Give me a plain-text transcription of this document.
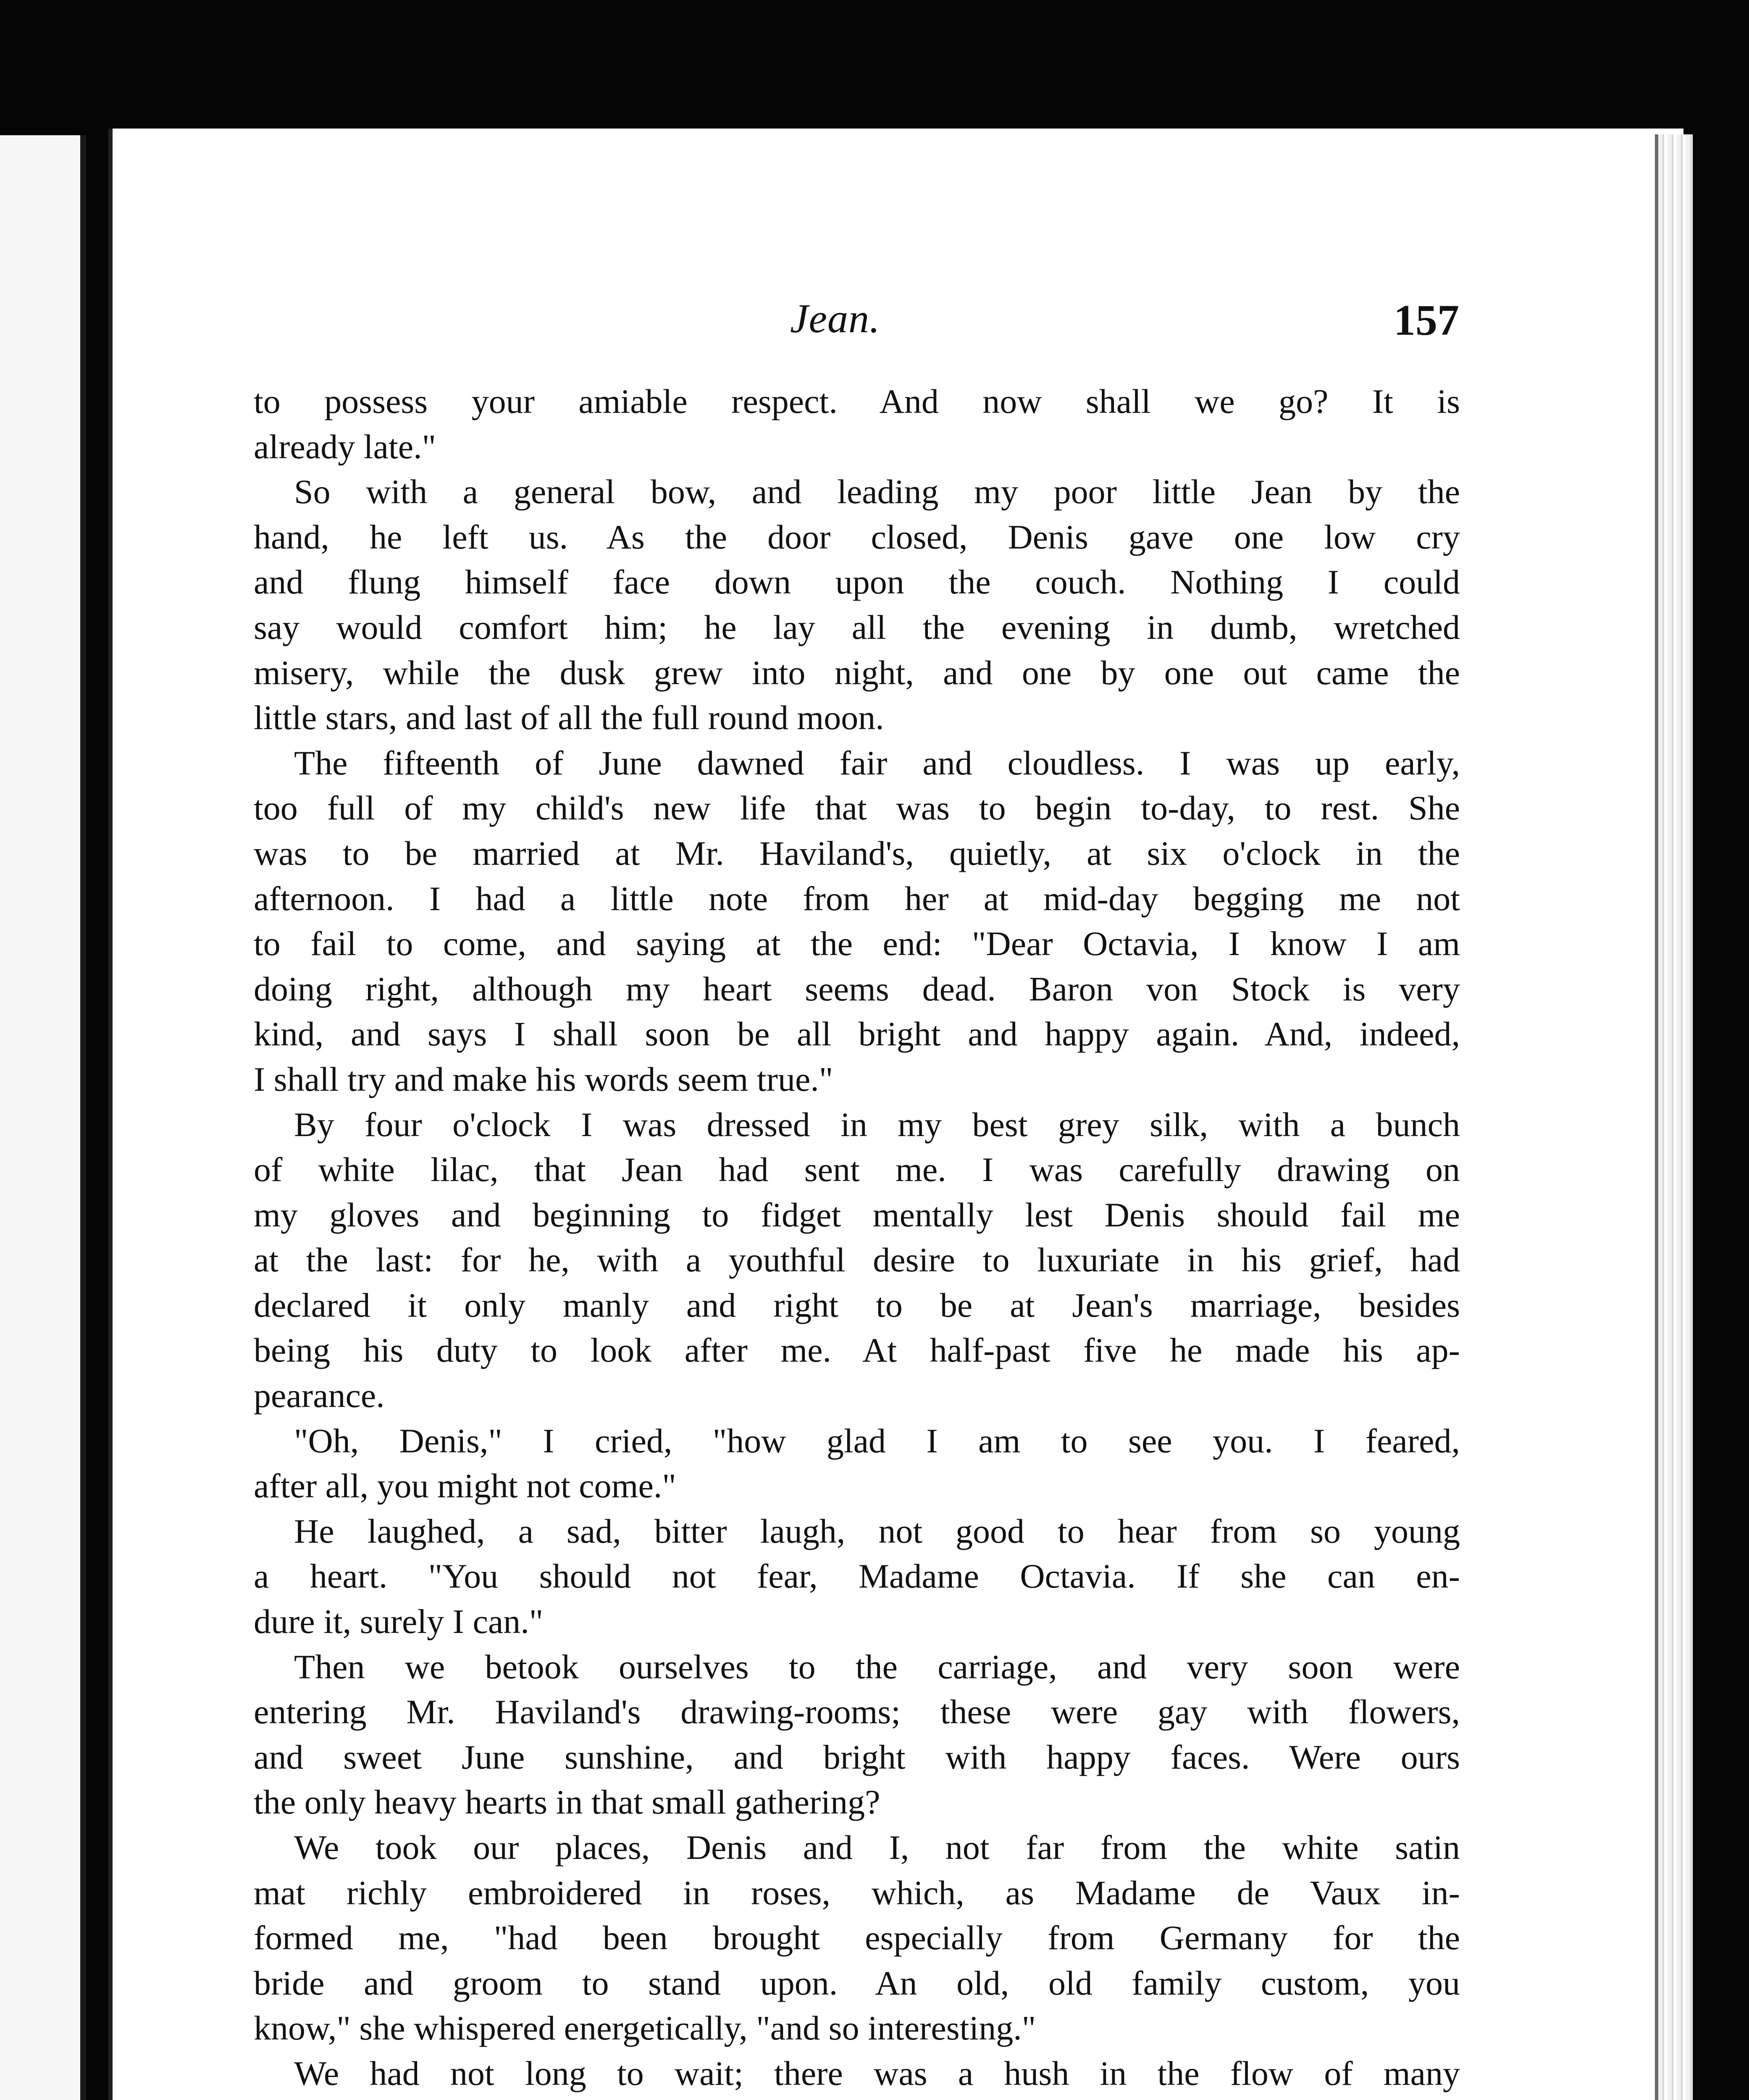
Jean.	157
to possess your amiable respect. And now shall we go? It is
already late."
So with a general bow, and leading my poor little Jean by the
hand, he left us. As the door closed, Denis gave one low cry
and flung himself face down upon the couch. Nothing I could
say would comfort him; he lay all the evening in dumb, wretched
misery, while the dusk grew into night, and one by one out came the
little stars, and last of all the full round moon.
The fifteenth of June dawned fair and cloudless. I was up early,
too full of my child's new life that was to begin to-day, to rest. She
was to be married at Mr. Haviland's, quietly, at six o'clock in the
afternoon. I had a little note from her at mid-day begging me not
to fail to come, and saying at the end: "Dear Octavia, I know I am
doing right, although my heart seems dead. Baron von Stock is very
kind, and says I shall soon be all bright and happy again. And, indeed,
I shall try and make his words seem true."
By four o'clock I was dressed in my best grey silk, with a bunch
of white lilac, that Jean had sent me. I was carefully drawing on
my gloves and beginning to fidget mentally lest Denis should fail me
at the last: for he, with a youthful desire to luxuriate in his grief, had
declared it only manly and right to be at Jean's marriage, besides
being his duty to look after me. At half-past five he made his ap-
pearance.
"Oh, Denis," I cried, "how glad I am to see you. I feared,
after all, you might not come."
He laughed, a sad, bitter laugh, not good to hear from so young
a heart. "You should not fear, Madame Octavia. If she can en-
dure it, surely I can."
Then we betook ourselves to the carriage, and very soon were
entering Mr. Haviland's drawing-rooms; these were gay with flowers,
and sweet June sunshine, and bright with happy faces. Were ours
the only heavy hearts in that small gathering?
We took our places, Denis and I, not far from the white satin
mat richly embroidered in roses, which, as Madame de Vaux in-
formed me, "had been brought especially from Germany for the
bride and groom to stand upon. An old, old family custom, you
know," she whispered energetically, "and so interesting."
We had not long to wait; there was a hush in the flow of many
